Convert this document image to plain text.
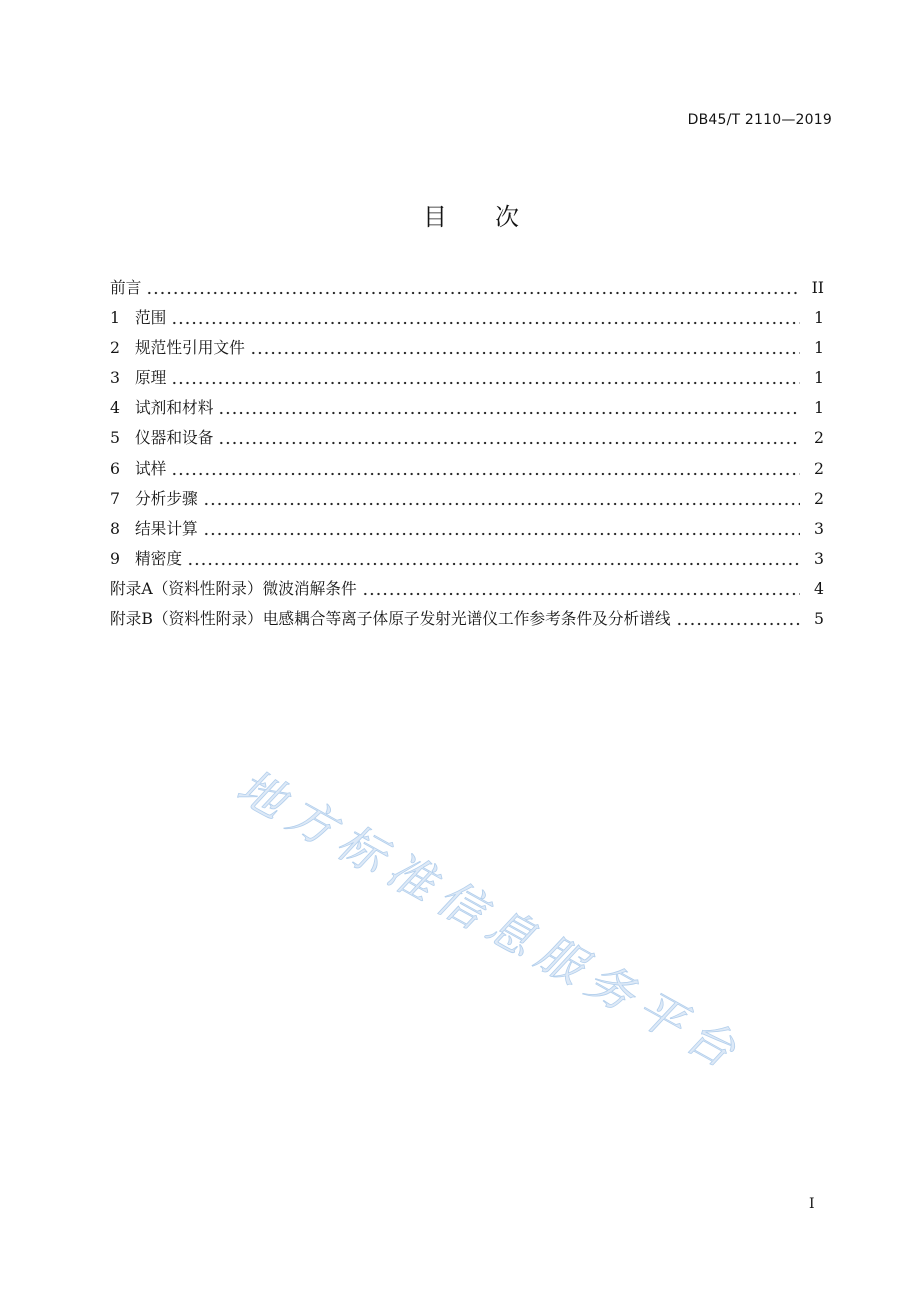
DB45/T 2110—2019
目　　次
前言	II
1 范围	1
2 规范性引用文件	1
3 原理	1
4 试剂和材料	1
5 仪器和设备	2
6 试样	2
7 分析步骤	2
8 结果计算	3
9 精密度	3
附录A（资料性附录）微波消解条件	4
附录B（资料性附录）电感耦合等离子体原子发射光谱仪工作参考条件及分析谱线	5
地方标准信息服务平台
I
